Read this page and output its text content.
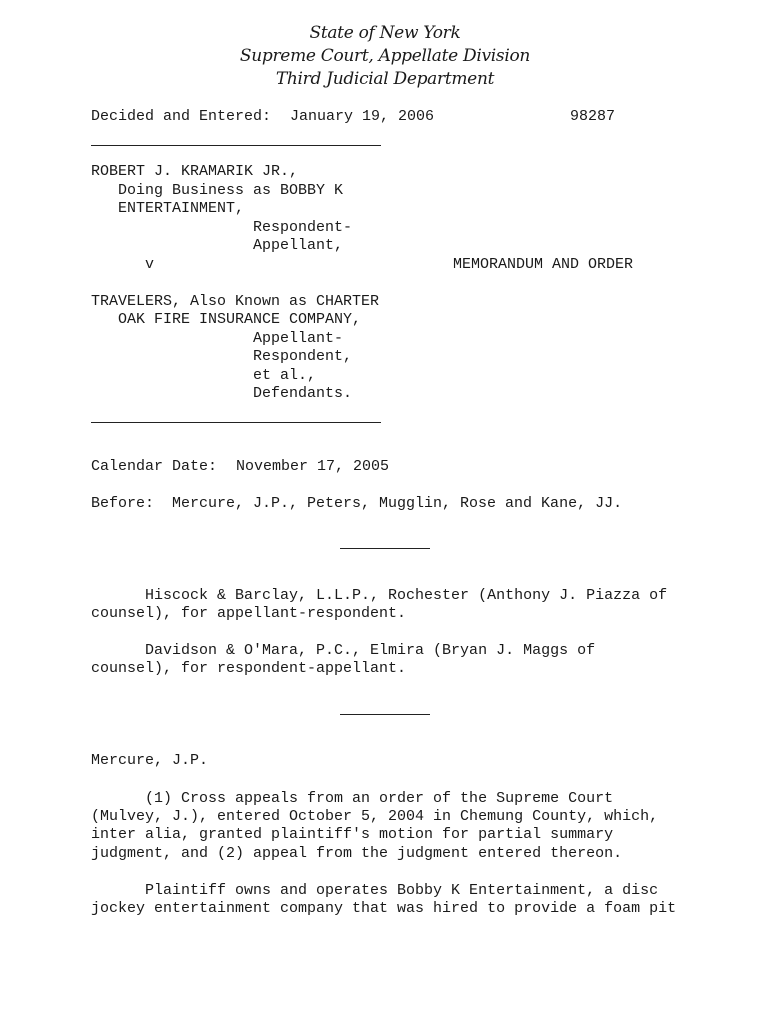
State of New York
Supreme Court, Appellate Division
Third Judicial Department
Decided and Entered: January 19, 2006	98287
ROBERT J. KRAMARIK JR.,
Doing Business as BOBBY K
ENTERTAINMENT,
Respondent-
Appellant,
v	MEMORANDUM AND ORDER
TRAVELERS, Also Known as CHARTER
OAK FIRE INSURANCE COMPANY,
Appellant-
Respondent,
et al.,
Defendants.
Calendar Date: November 17, 2005
Before: Mercure, J.P., Peters, Mugglin, Rose and Kane, JJ.
Hiscock & Barclay, L.L.P., Rochester (Anthony J. Piazza of
counsel), for appellant-respondent.
Davidson & O'Mara, P.C., Elmira (Bryan J. Maggs of
counsel), for respondent-appellant.
Mercure, J.P.
(1) Cross appeals from an order of the Supreme Court
(Mulvey, J.), entered October 5, 2004 in Chemung County, which,
inter alia, granted plaintiff's motion for partial summary
judgment, and (2) appeal from the judgment entered thereon.
Plaintiff owns and operates Bobby K Entertainment, a disc
jockey entertainment company that was hired to provide a foam pit
